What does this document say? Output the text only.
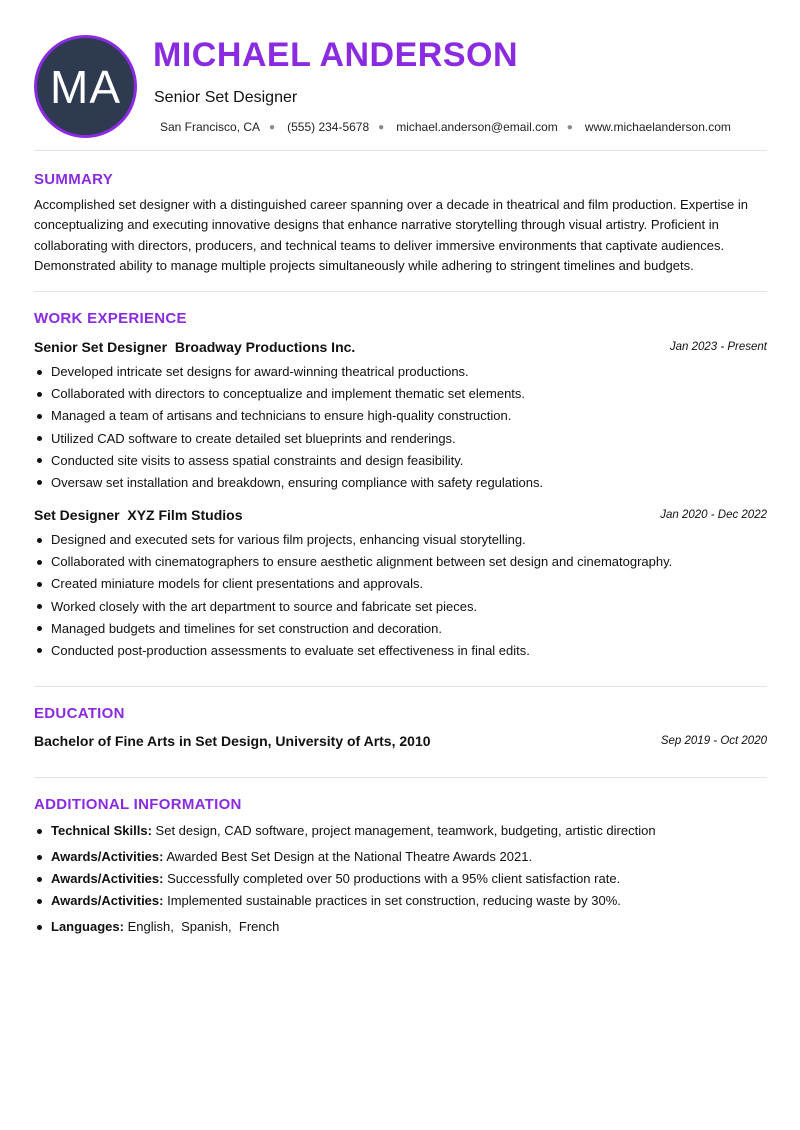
MA
MICHAEL ANDERSON
Senior Set Designer
San Francisco, CA ● (555) 234-5678 ● michael.anderson@email.com ● www.michaelanderson.com
SUMMARY
Accomplished set designer with a distinguished career spanning over a decade in theatrical and film production. Expertise in conceptualizing and executing innovative designs that enhance narrative storytelling through visual artistry. Proficient in collaborating with directors, producers, and technical teams to deliver immersive environments that captivate audiences. Demonstrated ability to manage multiple projects simultaneously while adhering to stringent timelines and budgets.
WORK EXPERIENCE
Senior Set Designer Broadway Productions Inc.	Jan 2023 - Present
Developed intricate set designs for award-winning theatrical productions.
Collaborated with directors to conceptualize and implement thematic set elements.
Managed a team of artisans and technicians to ensure high-quality construction.
Utilized CAD software to create detailed set blueprints and renderings.
Conducted site visits to assess spatial constraints and design feasibility.
Oversaw set installation and breakdown, ensuring compliance with safety regulations.
Set Designer XYZ Film Studios	Jan 2020 - Dec 2022
Designed and executed sets for various film projects, enhancing visual storytelling.
Collaborated with cinematographers to ensure aesthetic alignment between set design and cinematography.
Created miniature models for client presentations and approvals.
Worked closely with the art department to source and fabricate set pieces.
Managed budgets and timelines for set construction and decoration.
Conducted post-production assessments to evaluate set effectiveness in final edits.
EDUCATION
Bachelor of Fine Arts in Set Design, University of Arts, 2010	Sep 2019 - Oct 2020
ADDITIONAL INFORMATION
Technical Skills: Set design, CAD software, project management, teamwork, budgeting, artistic direction
Awards/Activities: Awarded Best Set Design at the National Theatre Awards 2021.
Awards/Activities: Successfully completed over 50 productions with a 95% client satisfaction rate.
Awards/Activities: Implemented sustainable practices in set construction, reducing waste by 30%.
Languages: English,  Spanish,  French
